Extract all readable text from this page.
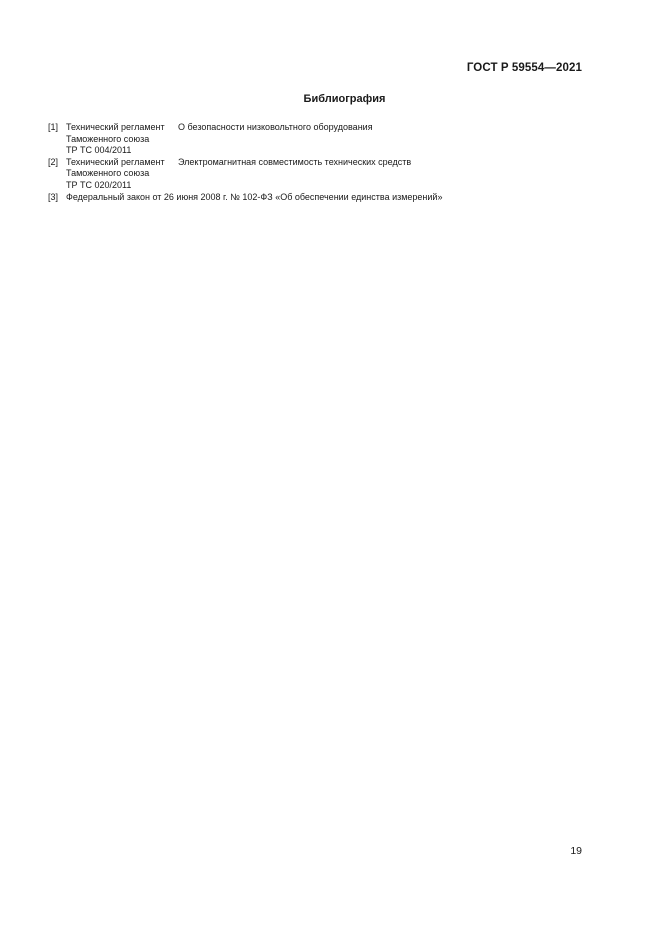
ГОСТ Р 59554—2021
Библиография
[1] Технический регламент
Таможенного союза
ТР ТС 004/2011
О безопасности низковольтного оборудования
[2] Технический регламент
Таможенного союза
ТР ТС 020/2011
Электромагнитная совместимость технических средств
[3] Федеральный закон от 26 июня 2008 г. № 102-ФЗ «Об обеспечении единства измерений»
19
